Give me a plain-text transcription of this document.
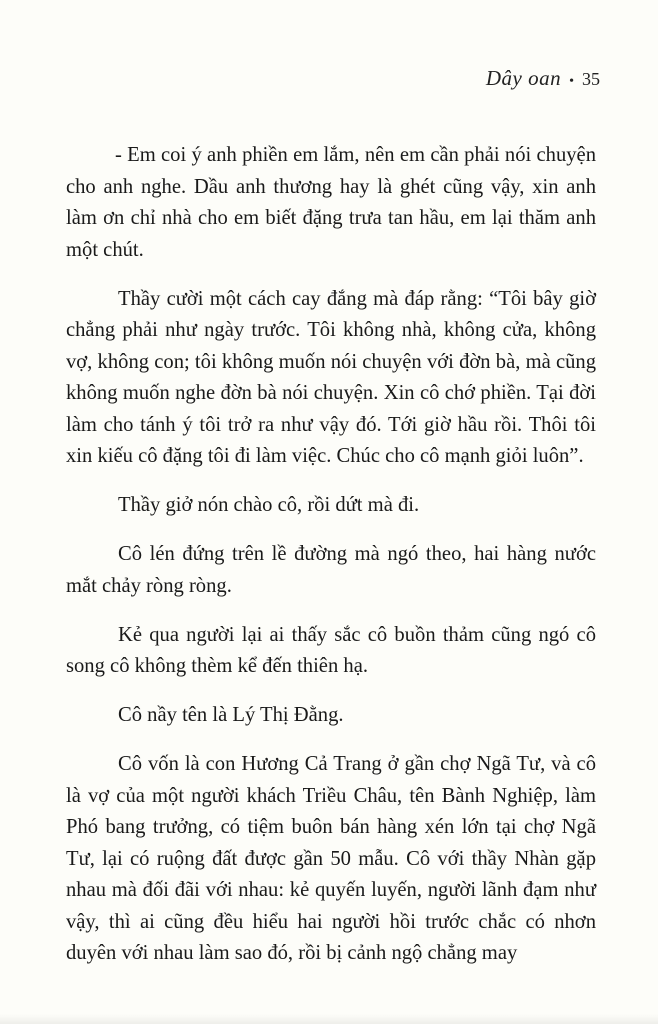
Dây oan • 35

- Em coi ý anh phiền em lắm, nên em cần phải nói chuyện cho anh nghe. Dầu anh thương hay là ghét cũng vậy, xin anh làm ơn chỉ nhà cho em biết đặng trưa tan hầu, em lại thăm anh một chút.

Thầy cười một cách cay đắng mà đáp rằng: “Tôi bây giờ chẳng phải như ngày trước. Tôi không nhà, không cửa, không vợ, không con; tôi không muốn nói chuyện với đờn bà, mà cũng không muốn nghe đờn bà nói chuyện. Xin cô chớ phiền. Tại đời làm cho tánh ý tôi trở ra như vậy đó. Tới giờ hầu rồi. Thôi tôi xin kiếu cô đặng tôi đi làm việc. Chúc cho cô mạnh giỏi luôn”.

Thầy giở nón chào cô, rồi dứt mà đi.

Cô lén đứng trên lề đường mà ngó theo, hai hàng nước mắt chảy ròng ròng.

Kẻ qua người lại ai thấy sắc cô buồn thảm cũng ngó cô song cô không thèm kể đến thiên hạ.

Cô nầy tên là Lý Thị Đằng.

Cô vốn là con Hương Cả Trang ở gần chợ Ngã Tư, và cô là vợ của một người khách Triều Châu, tên Bành Nghiệp, làm Phó bang trưởng, có tiệm buôn bán hàng xén lớn tại chợ Ngã Tư, lại có ruộng đất được gần 50 mẫu. Cô với thầy Nhàn gặp nhau mà đối đãi với nhau: kẻ quyến luyến, người lãnh đạm như vậy, thì ai cũng đều hiểu hai người hồi trước chắc có nhơn duyên với nhau làm sao đó, rồi bị cảnh ngộ chẳng may
